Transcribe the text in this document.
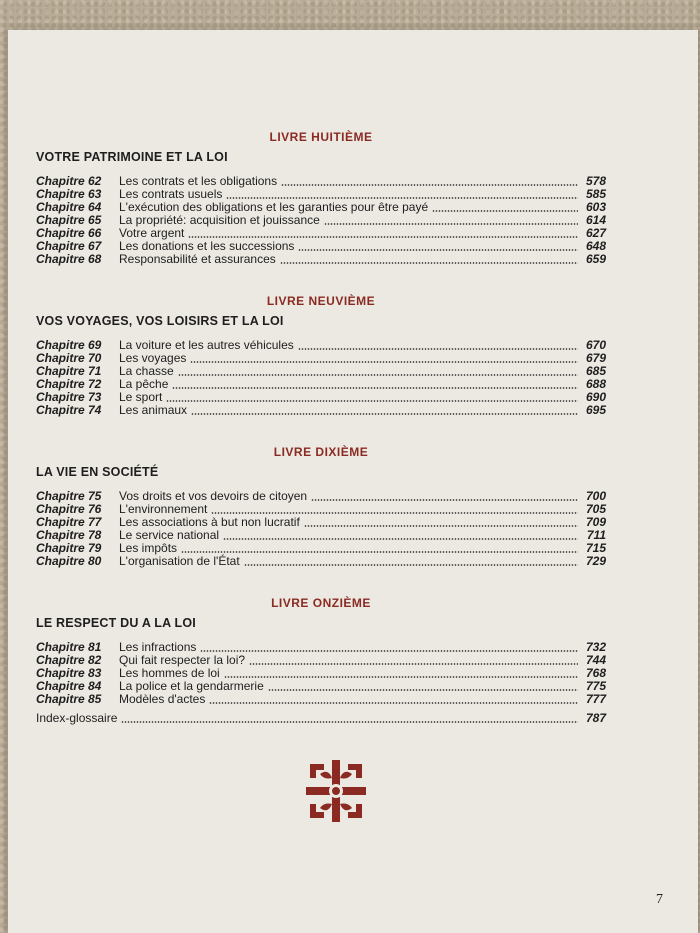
LIVRE HUITIÈME
VOTRE PATRIMOINE ET LA LOI
Chapitre 62	Les contrats et les obligations	578
Chapitre 63	Les contrats usuels	585
Chapitre 64	L'exécution des obligations et les garanties pour être payé	603
Chapitre 65	La propriété: acquisition et jouissance	614
Chapitre 66	Votre argent	627
Chapitre 67	Les donations et les successions	648
Chapitre 68	Responsabilité et assurances	659
LIVRE NEUVIÈME
VOS VOYAGES, VOS LOISIRS ET LA LOI
Chapitre 69	La voiture et les autres véhicules	670
Chapitre 70	Les voyages	679
Chapitre 71	La chasse	685
Chapitre 72	La pêche	688
Chapitre 73	Le sport	690
Chapitre 74	Les animaux	695
LIVRE DIXIÈME
LA VIE EN SOCIÉTÉ
Chapitre 75	Vos droits et vos devoirs de citoyen	700
Chapitre 76	L'environnement	705
Chapitre 77	Les associations à but non lucratif	709
Chapitre 78	Le service national	711
Chapitre 79	Les impôts	715
Chapitre 80	L'organisation de l'État	729
LIVRE ONZIÈME
LE RESPECT DU A LA LOI
Chapitre 81	Les infractions	732
Chapitre 82	Qui fait respecter la loi?	744
Chapitre 83	Les hommes de loi	768
Chapitre 84	La police et la gendarmerie	775
Chapitre 85	Modèles d'actes	777
Index-glossaire	787
7
